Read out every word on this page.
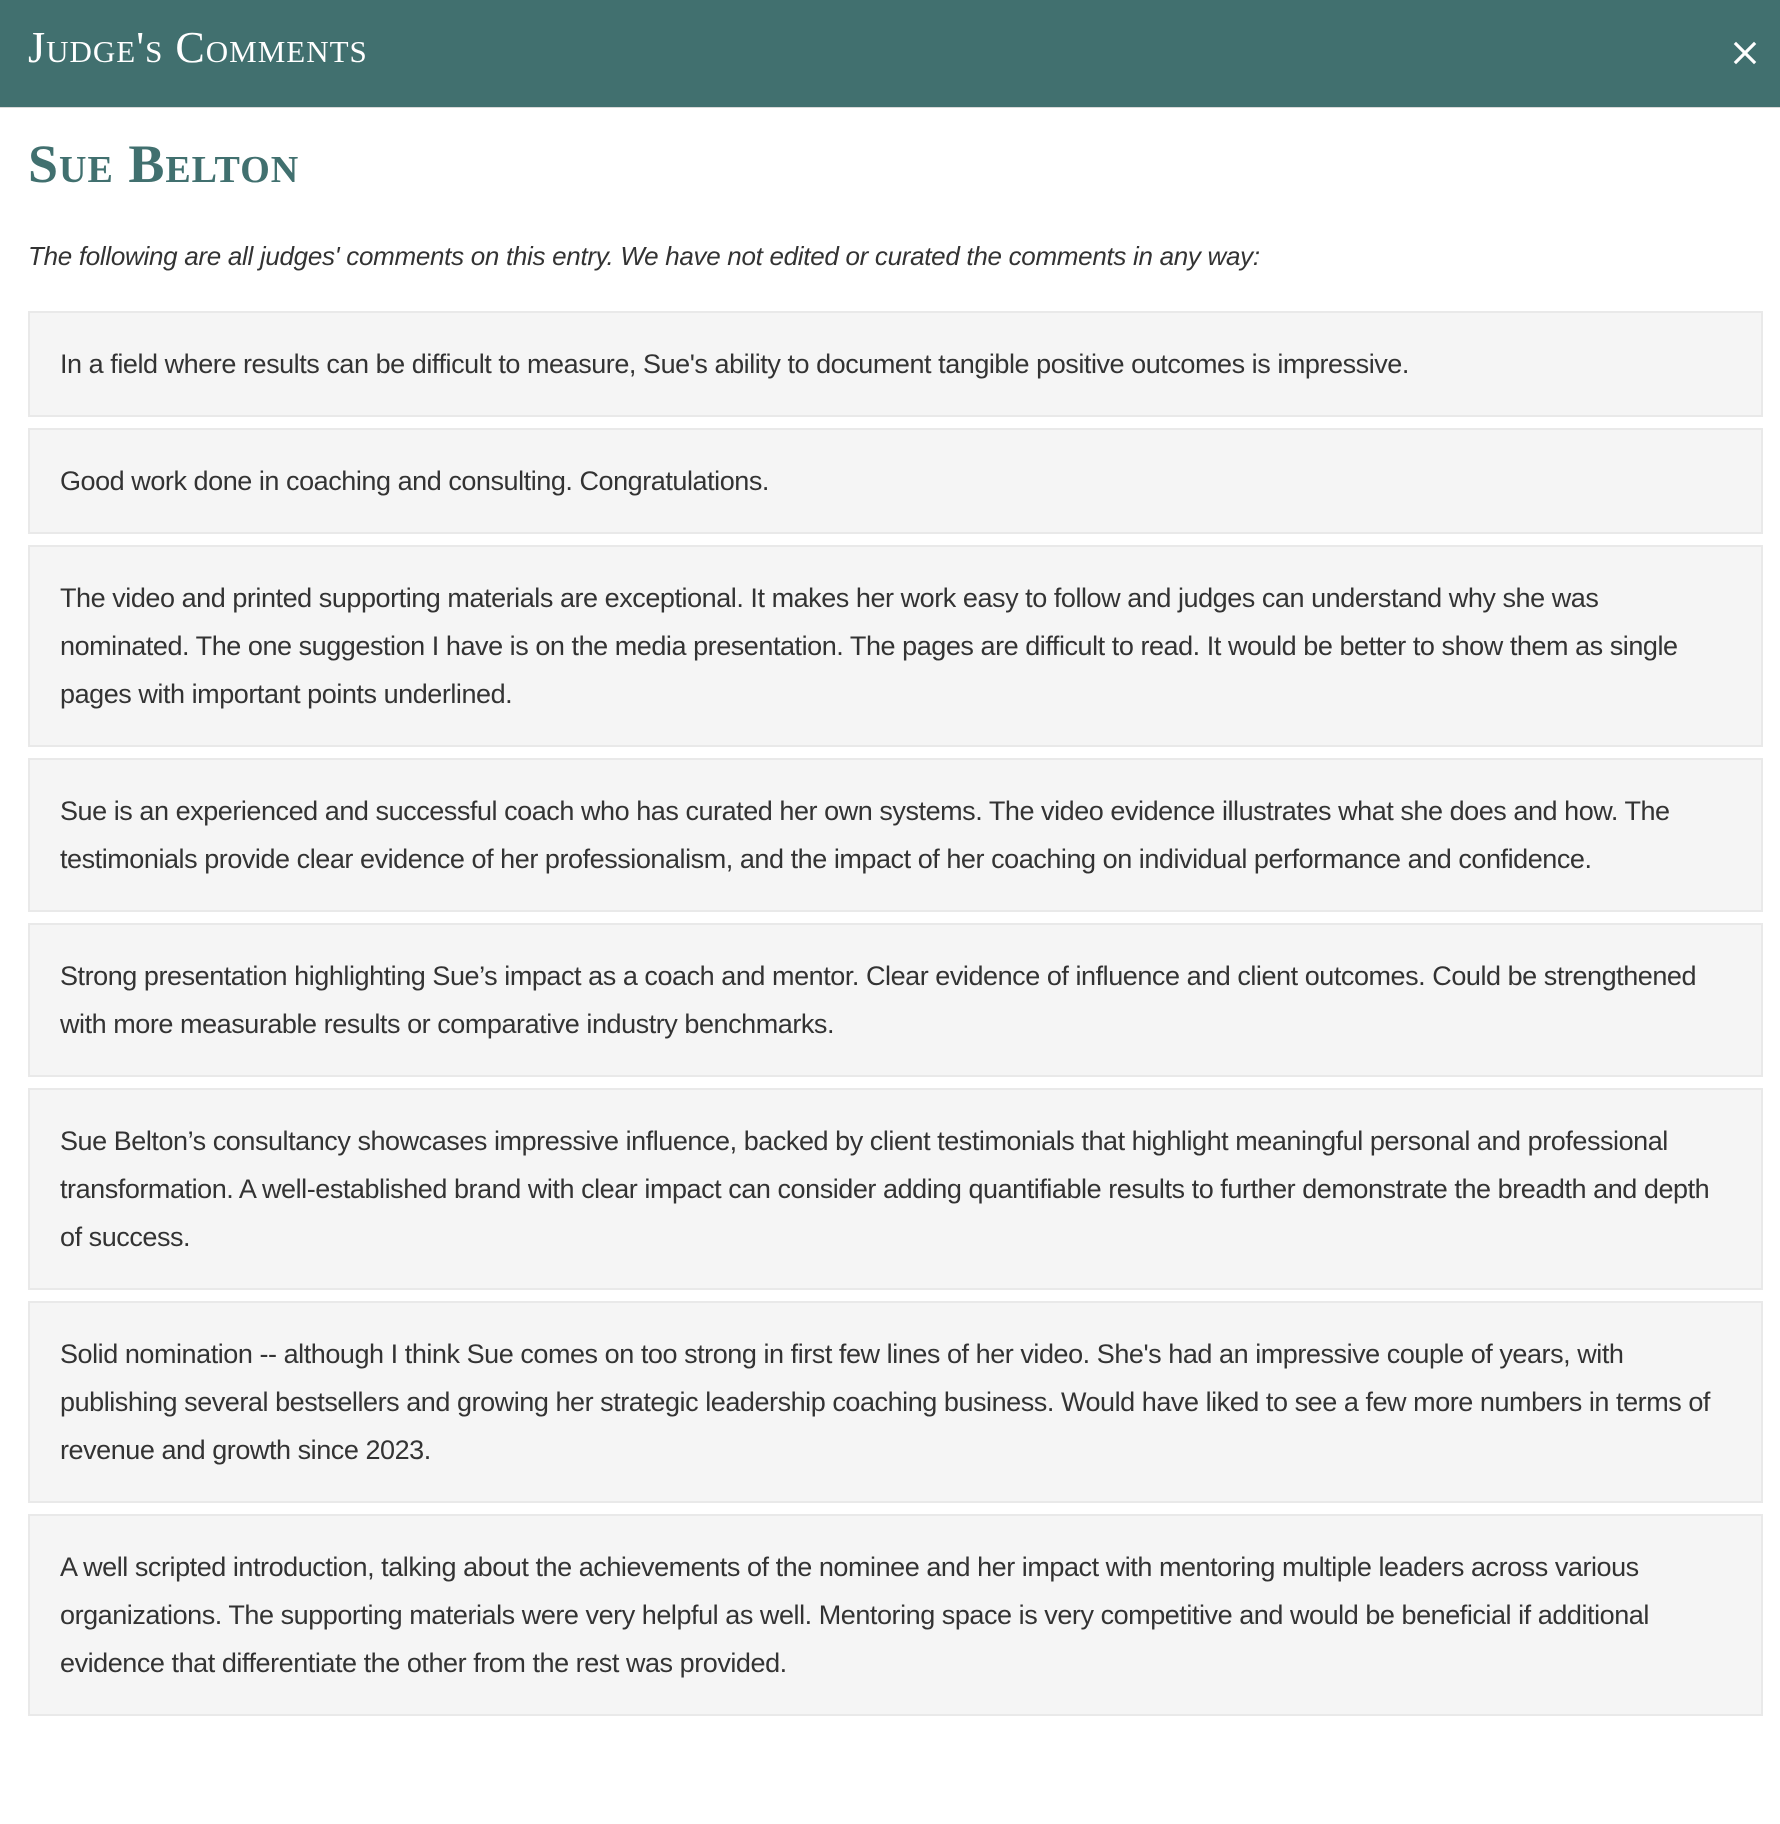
Judge's Comments
Sue Belton

The following are all judges' comments on this entry. We have not edited or curated the comments in any way:

In a field where results can be difficult to measure, Sue's ability to document tangible positive outcomes is impressive.

Good work done in coaching and consulting. Congratulations.

The video and printed supporting materials are exceptional. It makes her work easy to follow and judges can understand why she was nominated. The one suggestion I have is on the media presentation. The pages are difficult to read. It would be better to show them as single pages with important points underlined.

Sue is an experienced and successful coach who has curated her own systems. The video evidence illustrates what she does and how. The testimonials provide clear evidence of her professionalism, and the impact of her coaching on individual performance and confidence.

Strong presentation highlighting Sue’s impact as a coach and mentor. Clear evidence of influence and client outcomes. Could be strengthened with more measurable results or comparative industry benchmarks.

Sue Belton’s consultancy showcases impressive influence, backed by client testimonials that highlight meaningful personal and professional transformation. A well-established brand with clear impact can consider adding quantifiable results to further demonstrate the breadth and depth of success.

Solid nomination -- although I think Sue comes on too strong in first few lines of her video. She's had an impressive couple of years, with publishing several bestsellers and growing her strategic leadership coaching business. Would have liked to see a few more numbers in terms of revenue and growth since 2023.

A well scripted introduction, talking about the achievements of the nominee and her impact with mentoring multiple leaders across various organizations. The supporting materials were very helpful as well. Mentoring space is very competitive and would be beneficial if additional evidence that differentiate the other from the rest was provided.
